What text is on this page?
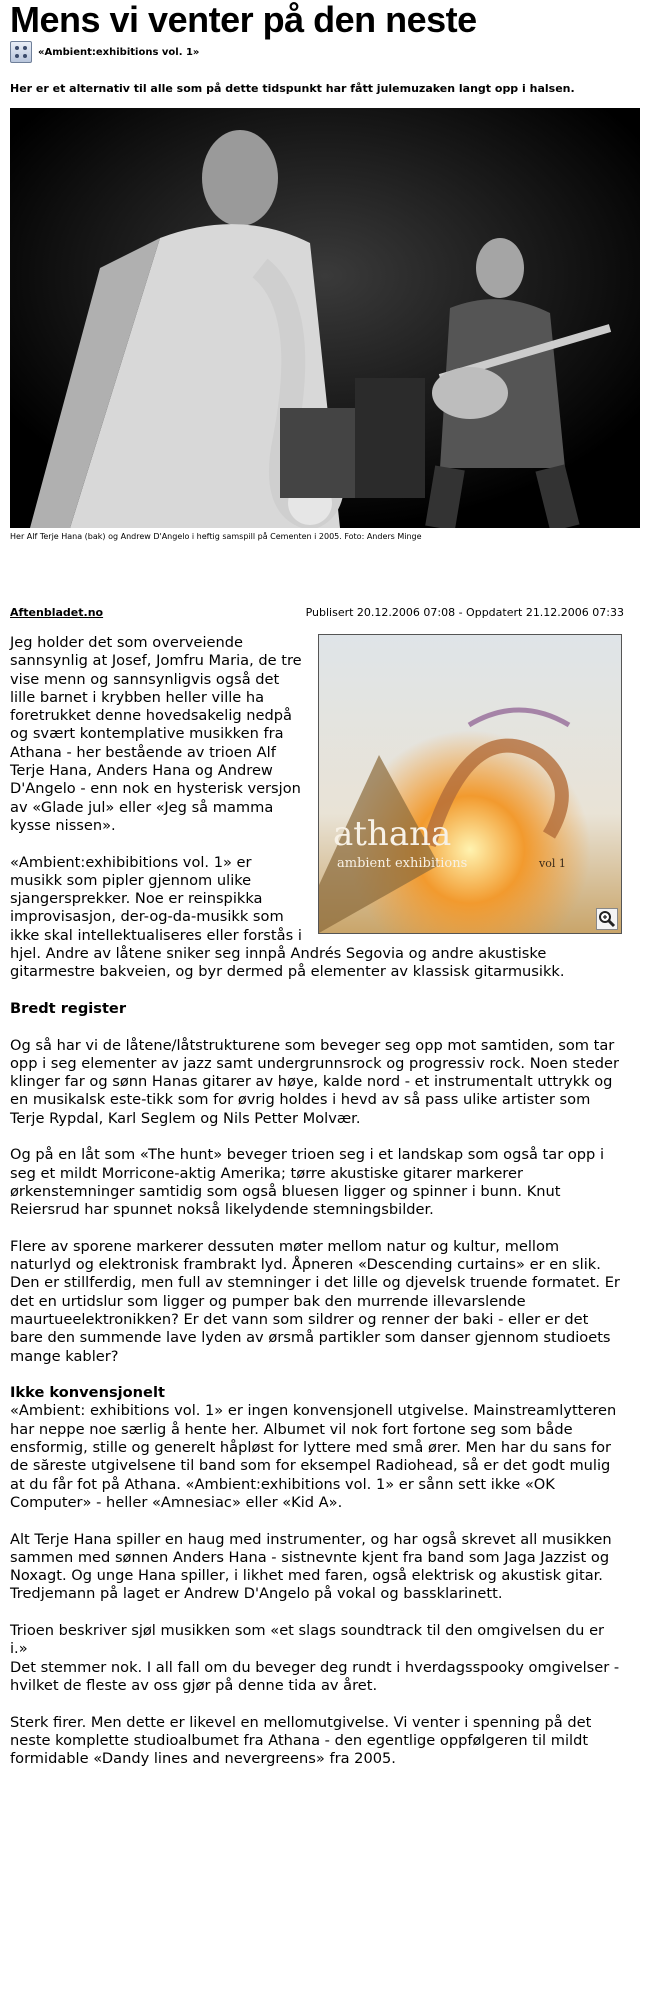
Mens vi venter på den neste
«Ambient:exhibitions vol. 1»
Her er et alternativ til alle som på dette tidspunkt har fått julemuzaken langt opp i halsen.
Her Alf Terje Hana (bak) og Andrew D'Angelo i heftig samspill på Cementen i 2005. Foto: Anders Minge
Aftenbladet.no	Publisert 20.12.2006 07:08 - Oppdatert 21.12.2006 07:33
athana
ambient exhibitions	vol 1

Jeg holder det som overveiende sannsynlig at Josef, Jomfru Maria, de tre vise menn og sannsynligvis også det lille barnet i krybben heller ville ha foretrukket denne hovedsakelig nedpå og svært kontemplative musikken fra Athana - her bestående av trioen Alf Terje Hana, Anders Hana og Andrew D'Angelo - enn nok en hysterisk versjon av «Glade jul» eller «Jeg så mamma kysse nissen».

«Ambient:exhibibitions vol. 1» er musikk som pipler gjennom ulike sjangersprekker. Noe er reinspikka improvisasjon, der-og-da-musikk som ikke skal intellektualiseres eller forstås i hjel. Andre av låtene sniker seg innpå Andrés Segovia og andre akustiske gitarmestre bakveien, og byr dermed på elementer av klassisk gitarmusikk.

Bredt register

Og så har vi de låtene/låtstrukturene som beveger seg opp mot samtiden, som tar opp i seg elementer av jazz samt undergrunnsrock og progressiv rock. Noen steder klinger far og sønn Hanas gitarer av høye, kalde nord - et instrumentalt uttrykk og en musikalsk este-tikk som for øvrig holdes i hevd av så pass ulike artister som Terje Rypdal, Karl Seglem og Nils Petter Molvær.

Og på en låt som «The hunt» beveger trioen seg i et landskap som også tar opp i seg et mildt Morricone-aktig Amerika; tørre akustiske gitarer markerer ørkenstemninger samtidig som også bluesen ligger og spinner i bunn. Knut Reiersrud har spunnet nokså likelydende stemningsbilder.

Flere av sporene markerer dessuten møter mellom natur og kultur, mellom naturlyd og elektronisk frambrakt lyd. Åpneren «Descending curtains» er en slik. Den er stillferdig, men full av stemninger i det lille og djevelsk truende formatet. Er det en urtidslur som ligger og pumper bak den murrende illevarslende maurtueelektronikken? Er det vann som sildrer og renner der baki - eller er det bare den summende lave lyden av ørsmå partikler som danser gjennom studioets mange kabler?

Ikke konvensjonelt

«Ambient: exhibitions vol. 1» er ingen konvensjonell utgivelse. Mainstreamlytteren har neppe noe særlig å hente her. Albumet vil nok fort fortone seg som både ensformig, stille og generelt håpløst for lyttere med små ører. Men har du sans for de săreste utgivelsene til band som for eksempel Radiohead, så er det godt mulig at du får fot på Athana. «Ambient:exhibitions vol. 1» er sånn sett ikke «OK Computer» - heller «Amnesiac» eller «Kid A».

Alt Terje Hana spiller en haug med instrumenter, og har også skrevet all musikken sammen med sønnen Anders Hana - sistnevnte kjent fra band som Jaga Jazzist og Noxagt. Og unge Hana spiller, i likhet med faren, også elektrisk og akustisk gitar. Tredjemann på laget er Andrew D'Angelo på vokal og bassklarinett.

Trioen beskriver sjøl musikken som «et slags soundtrack til den omgivelsen du er i.»

Det stemmer nok. I all fall om du beveger deg rundt i hverdagsspooky omgivelser - hvilket de fleste av oss gjør på denne tida av året.

Sterk firer. Men dette er likevel en mellomutgivelse. Vi venter i spenning på det neste komplette studioalbumet fra Athana - den egentlige oppfølgeren til mildt formidable «Dandy lines and nevergreens» fra 2005.
